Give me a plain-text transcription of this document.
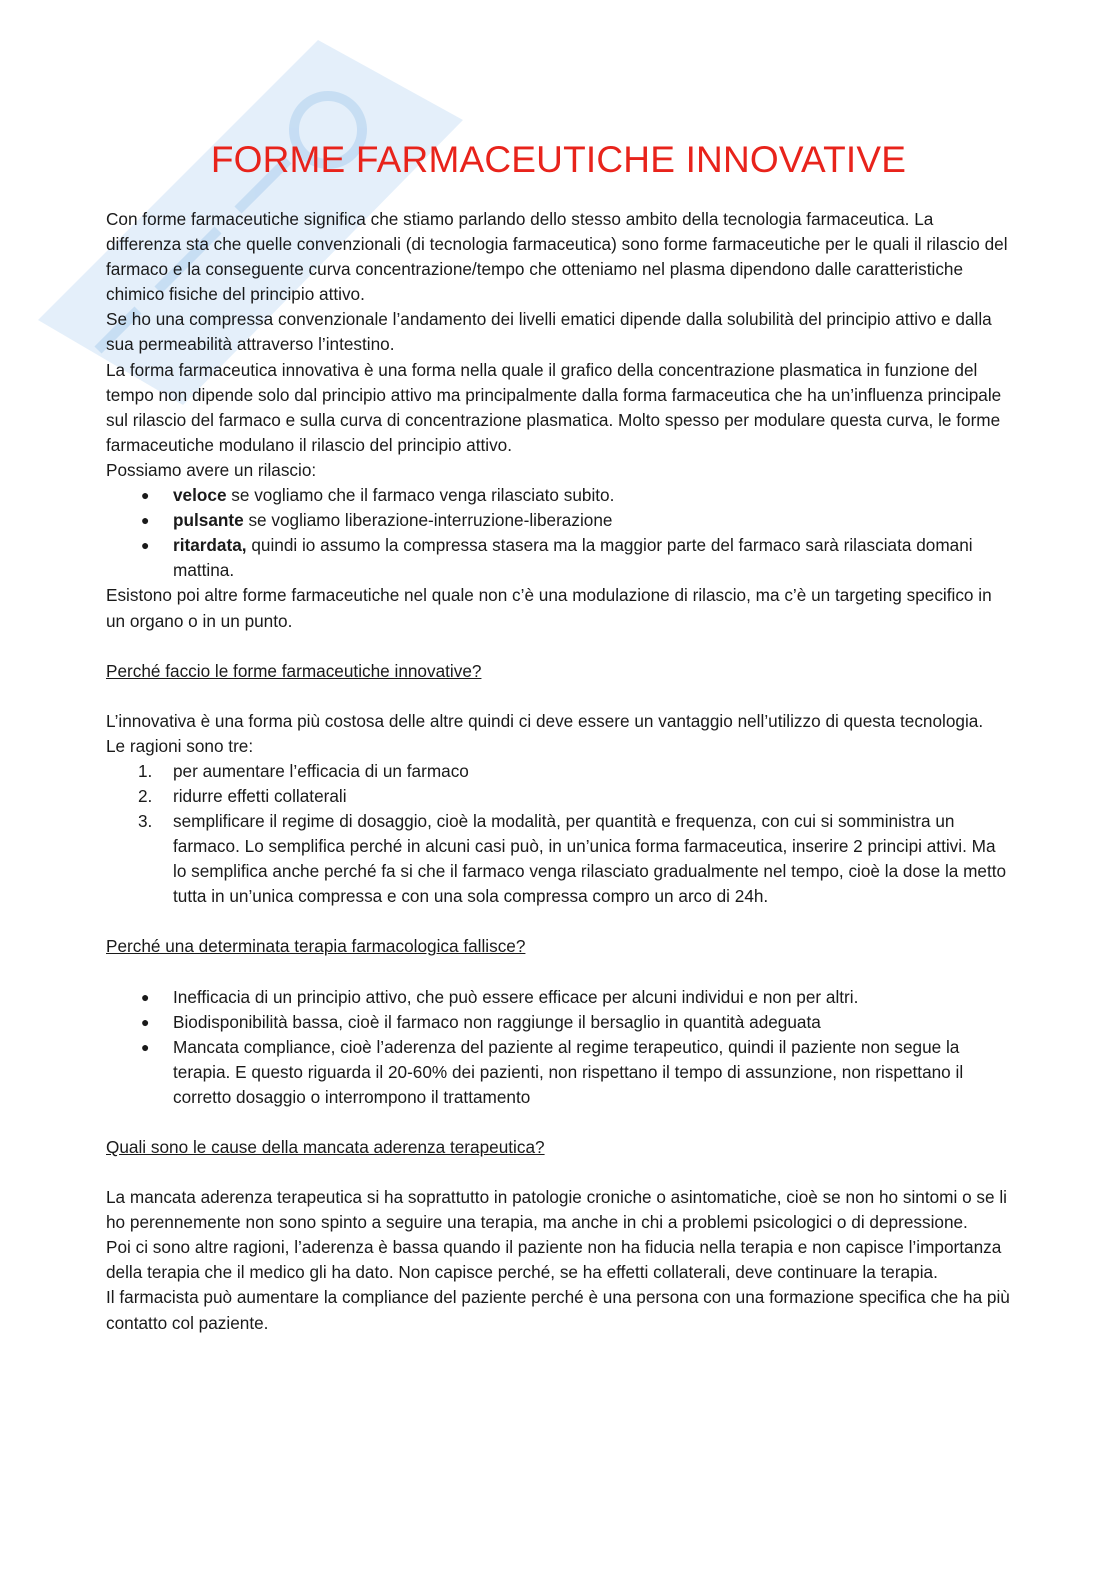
FORME FARMACEUTICHE INNOVATIVE

Con forme farmaceutiche significa che stiamo parlando dello stesso ambito della tecnologia farmaceutica. La differenza sta che quelle convenzionali (di tecnologia farmaceutica) sono forme farmaceutiche per le quali il rilascio del farmaco e la conseguente curva concentrazione/tempo che otteniamo nel plasma dipendono dalle caratteristiche chimico fisiche del principio attivo.

Se ho una compressa convenzionale l’andamento dei livelli ematici dipende dalla solubilità del principio attivo e dalla sua permeabilità attraverso l’intestino.

La forma farmaceutica innovativa è una forma nella quale il grafico della concentrazione plasmatica in funzione del tempo non dipende solo dal principio attivo ma principalmente dalla forma farmaceutica che ha un’influenza principale sul rilascio del farmaco e sulla curva di concentrazione plasmatica. Molto spesso per modulare questa curva, le forme farmaceutiche modulano il rilascio del principio attivo.

Possiamo avere un rilascio:

● veloce se vogliamo che il farmaco venga rilasciato subito.
● pulsante se vogliamo liberazione-interruzione-liberazione
● ritardata, quindi io assumo la compressa stasera ma la maggior parte del farmaco sarà rilasciata domani mattina.

Esistono poi altre forme farmaceutiche nel quale non c’è una modulazione di rilascio, ma c’è un targeting specifico in un organo o in un punto.

Perché faccio le forme farmaceutiche innovative?

L’innovativa è una forma più costosa delle altre quindi ci deve essere un vantaggio nell’utilizzo di questa tecnologia.

Le ragioni sono tre:

1. per aumentare l’efficacia di un farmaco
2. ridurre effetti collaterali
3. semplificare il regime di dosaggio, cioè la modalità, per quantità e frequenza, con cui si somministra un farmaco. Lo semplifica perché in alcuni casi può, in un’unica forma farmaceutica, inserire 2 principi attivi. Ma lo semplifica anche perché fa si che il farmaco venga rilasciato gradualmente nel tempo, cioè la dose la metto tutta in un’unica compressa e con una sola compressa compro un arco di 24h.

Perché una determinata terapia farmacologica fallisce?

● Inefficacia di un principio attivo, che può essere efficace per alcuni individui e non per altri.
● Biodisponibilità bassa, cioè il farmaco non raggiunge il bersaglio in quantità adeguata
● Mancata compliance, cioè l’aderenza del paziente al regime terapeutico, quindi il paziente non segue la terapia. E questo riguarda il 20-60% dei pazienti, non rispettano il tempo di assunzione, non rispettano il corretto dosaggio o interrompono il trattamento

Quali sono le cause della mancata aderenza terapeutica?

La mancata aderenza terapeutica si ha soprattutto in patologie croniche o asintomatiche, cioè se non ho sintomi o se li ho perennemente non sono spinto a seguire una terapia, ma anche in chi a problemi psicologici o di depressione.

Poi ci sono altre ragioni, l’aderenza è bassa quando il paziente non ha fiducia nella terapia e non capisce l’importanza della terapia che il medico gli ha dato. Non capisce perché, se ha effetti collaterali, deve continuare la terapia.

Il farmacista può aumentare la compliance del paziente perché è una persona con una formazione specifica che ha più contatto col paziente.
